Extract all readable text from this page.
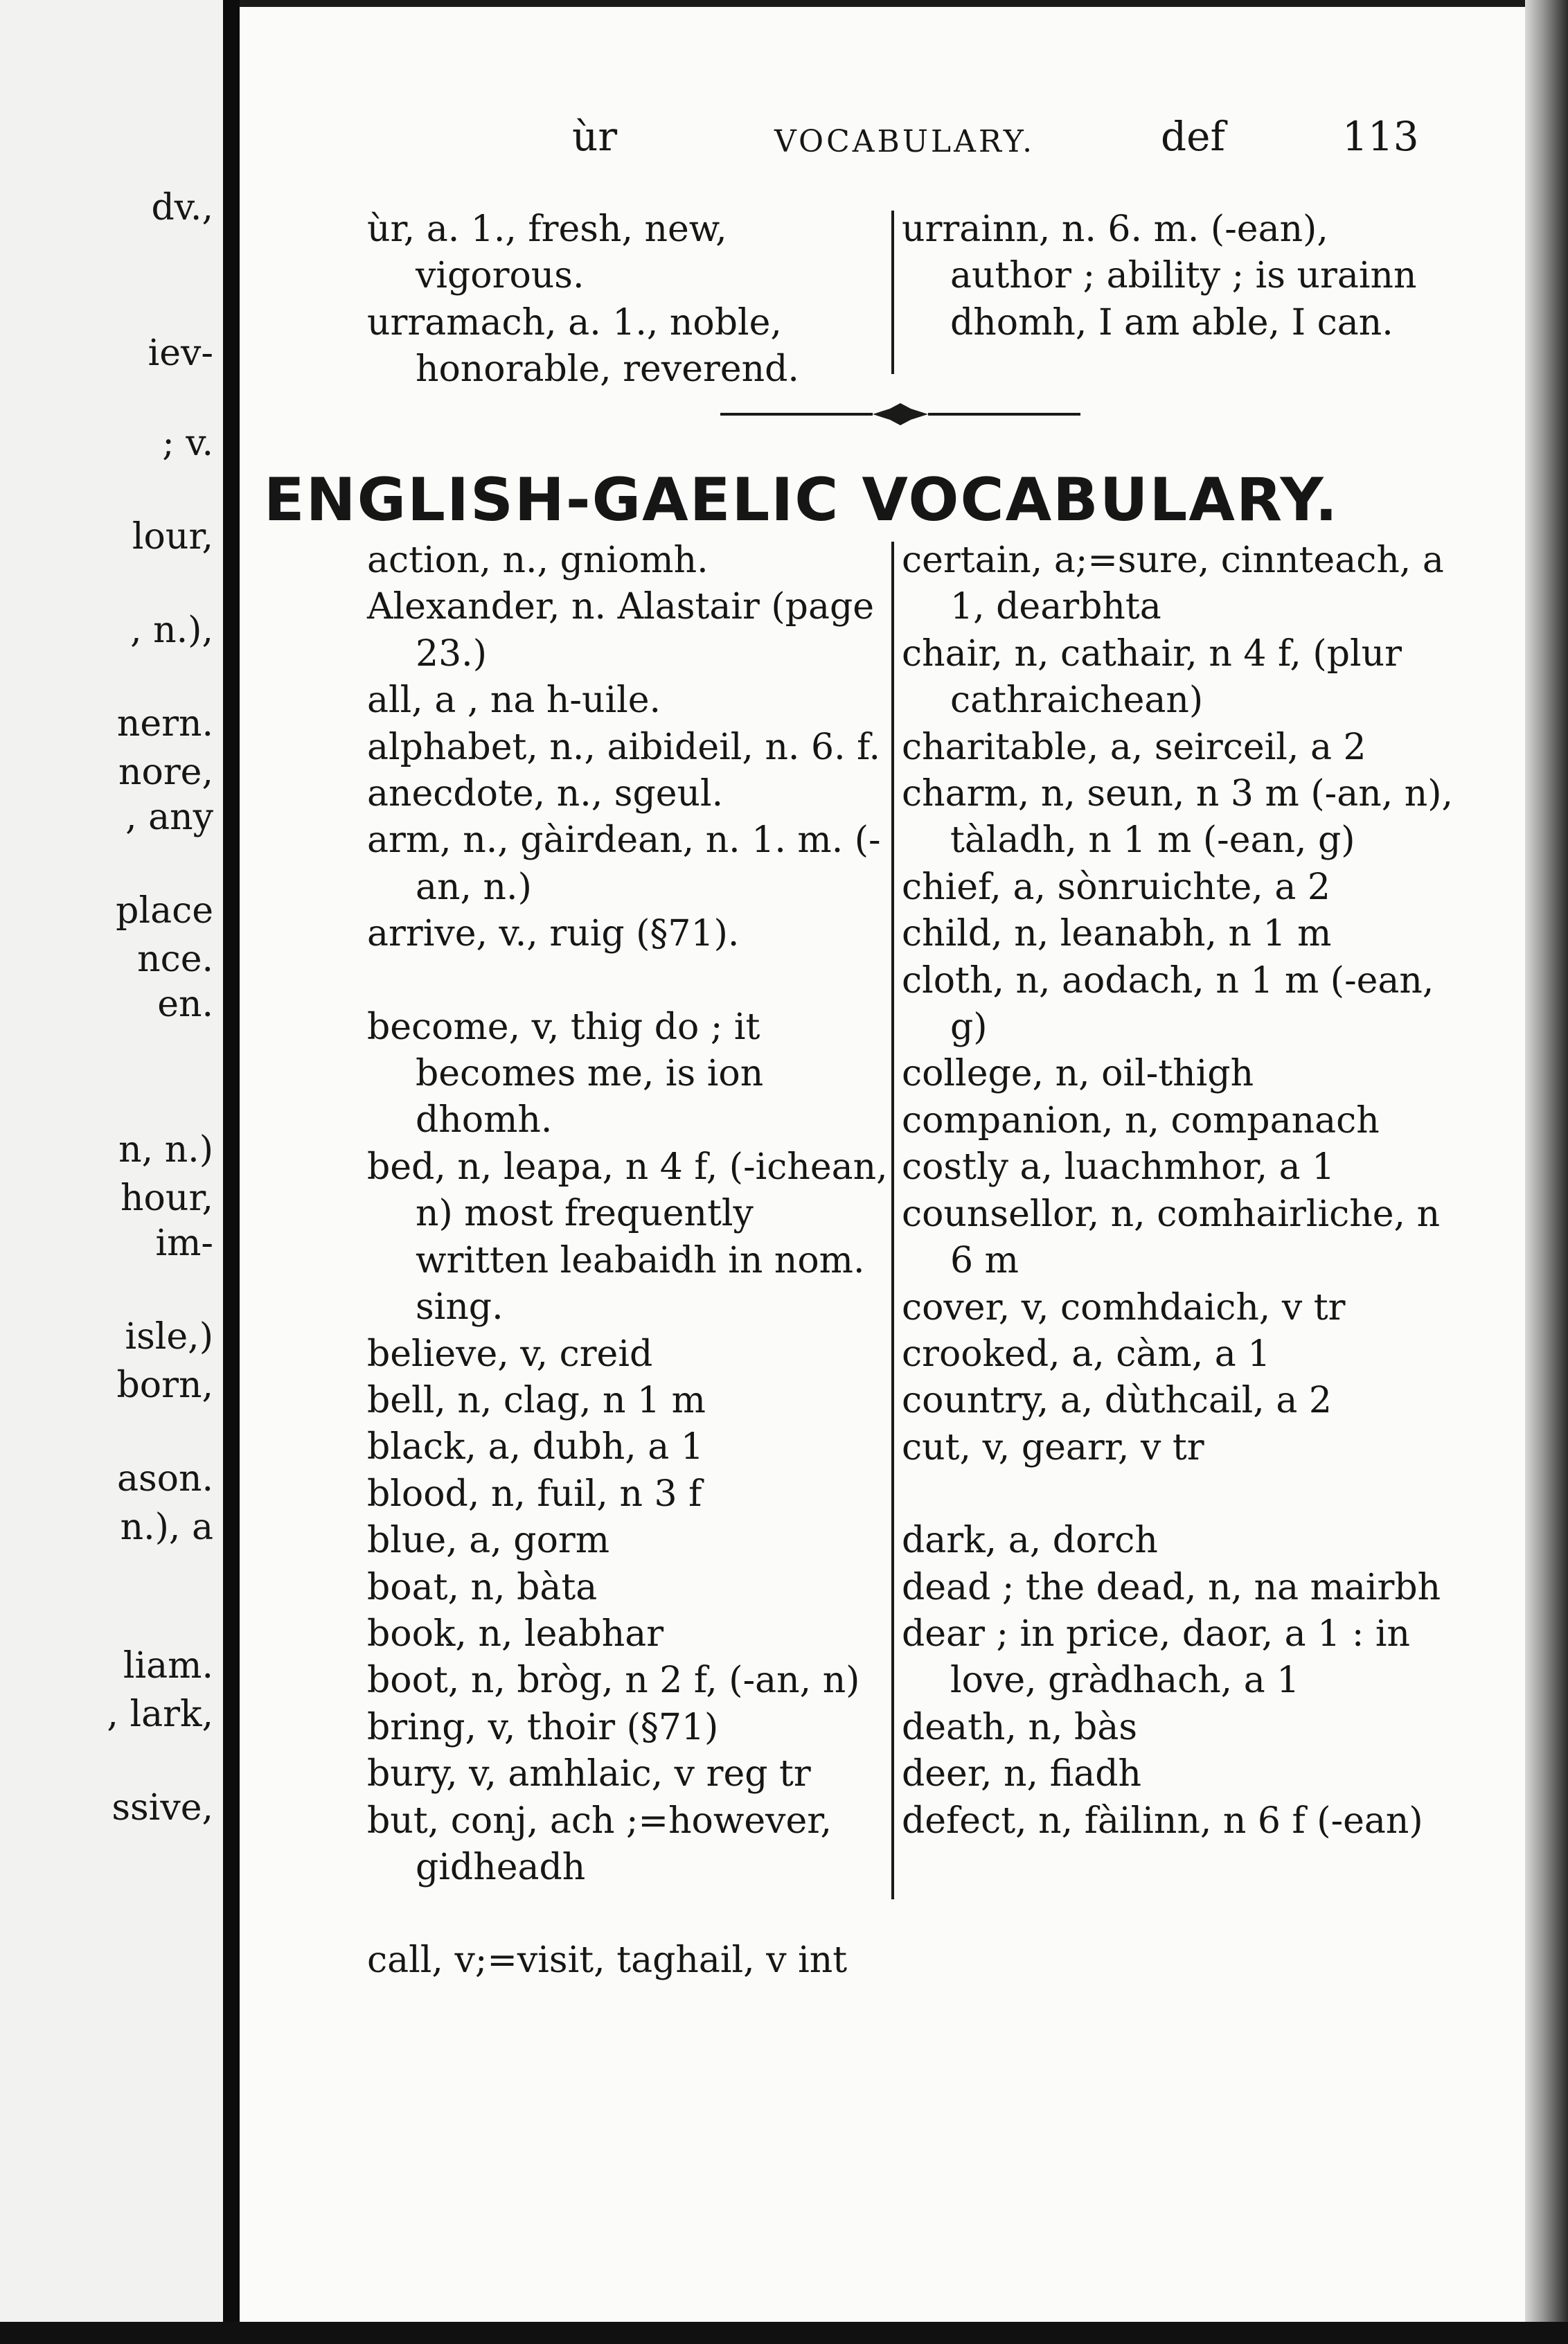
dv.,
iev-
; v.
lour,
, n.),
nern.
nore,
, any
place
nce.
en.
n, n.)
hour,
im-
isle,)
born,
ason.
n.), a
liam.
, lark,
ssive,
ùr	VOCABULARY.	def	113

ùr, a. 1., fresh, new, vigorous.

urramach, a. 1., noble, honorable, reverend.

urrainn, n. 6. m. (-ean), author ; ability ; is urainn dhomh, I am able, I can.

ENGLISH-GAELIC VOCABULARY.

action, n., gniomh.

Alexander, n. Alastair (page 23.)

all, a , na h-uile.

alphabet, n., aibideil, n. 6. f.

anecdote, n., sgeul.

arm, n., gàirdean, n. 1. m. (-an, n.)

arrive, v., ruig (§71).

become, v, thig do ; it becomes me, is ion dhomh.

bed, n, leapa, n 4 f, (-ichean, n) most frequently written leabaidh in nom. sing.

believe, v, creid

bell, n, clag, n 1 m

black, a, dubh, a 1

blood, n, fuil, n 3 f

blue, a, gorm

boat, n, bàta

book, n, leabhar

boot, n, bròg, n 2 f, (-an, n)

bring, v, thoir (§71)

bury, v, amhlaic, v reg tr

but, conj, ach ;=however, gidheadh

call, v;=visit, taghail, v int

certain, a;=sure, cinnteach, a 1, dearbhta

chair, n, cathair, n 4 f, (plur cathraichean)

charitable, a, seirceil, a 2

charm, n, seun, n 3 m (-an, n), tàladh, n 1 m (-ean, g)

chief, a, sònruichte, a 2

child, n, leanabh, n 1 m

cloth, n, aodach, n 1 m (-ean, g)

college, n, oil-thigh

companion, n, companach

costly a, luachmhor, a 1

counsellor, n, comhairliche, n 6 m

cover, v, comhdaich, v tr

crooked, a, càm, a 1

country, a, dùthcail, a 2

cut, v, gearr, v tr

dark, a, dorch

dead ; the dead, n, na mairbh

dear ; in price, daor, a 1 : in love, gràdhach, a 1

death, n, bàs

deer, n, fiadh

defect, n, fàilinn, n 6 f (-ean)
